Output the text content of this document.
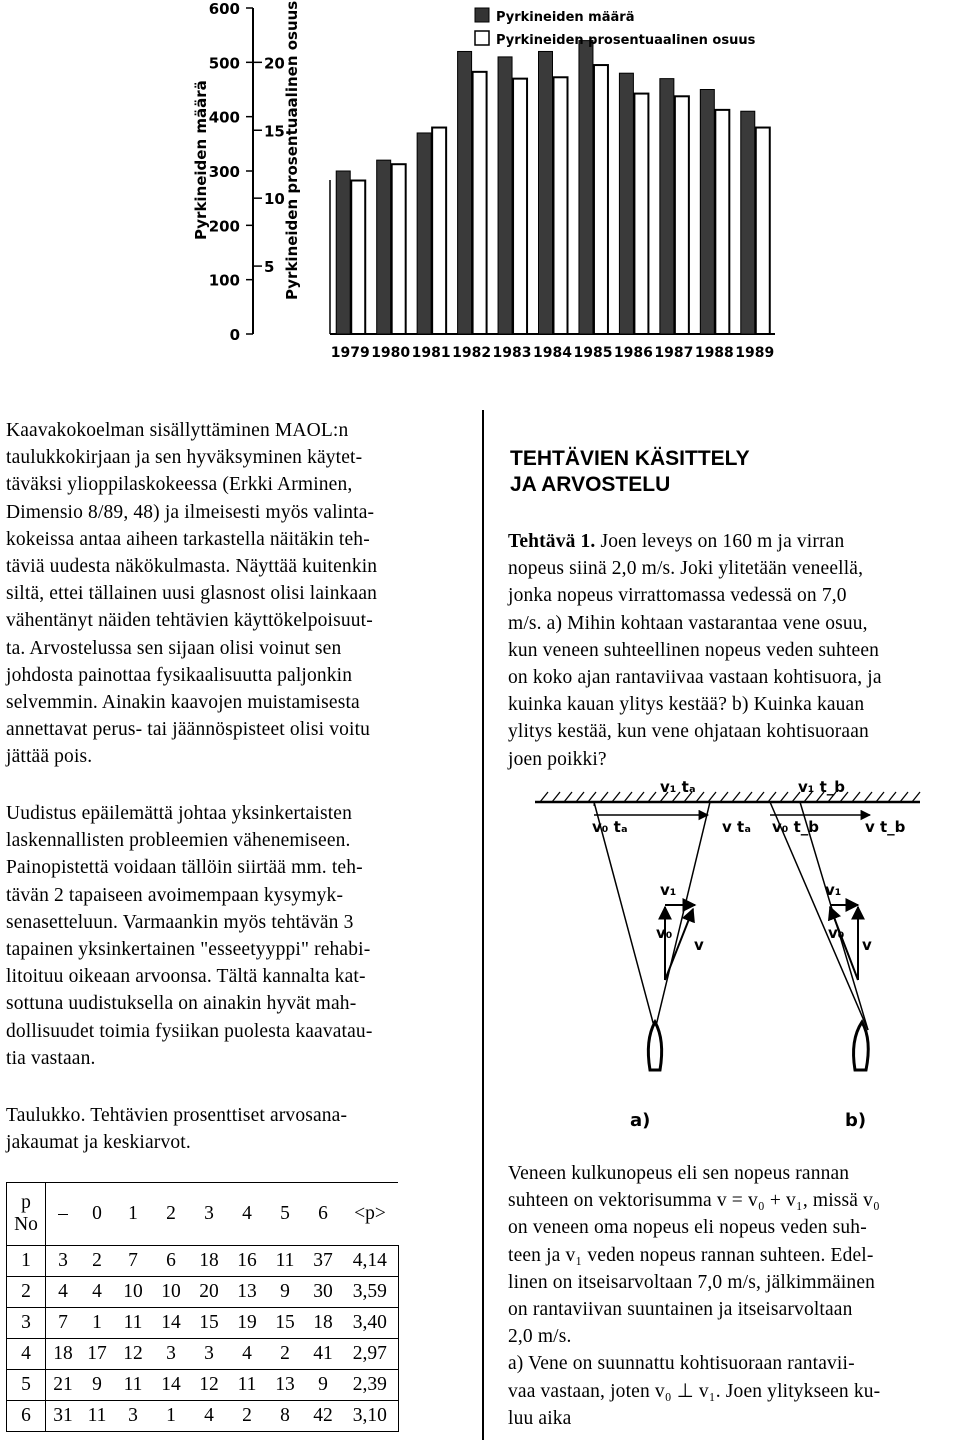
0
100
200
300
400
500
600
5
10
15
20
1979 1980 1981 1982 1983 1984 1985 1986 1987 1988 1989
Pyrkineiden määrä
Pyrkineiden prosentuaalinen osuus
Pyrkineiden määrä	Pyrkineiden prosentuaalinen osuus
Kaavakokoelman sisällyttäminen MAOL:n
taulukkokirjaan ja sen hyväksyminen käytet-
täväksi ylioppilaskokeessa (Erkki Arminen,
Dimensio 8/89, 48) ja ilmeisesti myös valinta-
kokeissa antaa aiheen tarkastella näitäkin teh-
täviä uudesta näkökulmasta. Näyttää kuitenkin
siltä, ettei tällainen uusi glasnost olisi lainkaan
vähentänyt näiden tehtävien käyttökelpoisuut-
ta. Arvostelussa sen sijaan olisi voinut sen
johdosta painottaa fysikaalisuutta paljonkin
selvemmin. Ainakin kaavojen muistamisesta
annettavat perus- tai jäännöspisteet olisi voitu
jättää pois.
Uudistus epäilemättä johtaa yksinkertaisten
laskennallisten probleemien vähenemiseen.
Painopistettä voidaan tällöin siirtää mm. teh-
tävän 2 tapaiseen avoimempaan kysymyk-
senasetteluun. Varmaankin myös tehtävän 3
tapainen yksinkertainen "esseetyyppi" rehabi-
litoituu oikeaan arvoonsa. Tältä kannalta kat-
sottuna uudistuksella on ainakin hyvät mah-
dollisuudet toimia fysiikan puolesta kaavatau-
tia vastaan.
Taulukko. Tehtävien prosenttiset arvosana-
jakaumat ja keskiarvot.
p
No	–	0	1	2	3	4	5	6	<p>
1	3	2	7	6	18	16	11	37	4,14
2	4	4	10	10	20	13	9	30	3,59
3	7	1	11	14	15	19	15	18	3,40
4	18	17	12	3	3	4	2	41	2,97
5	21	9	11	14	12	11	13	9	2,39
6	31	11	3	1	4	2	8	42	3,10
TEHTÄVIEN KÄSITTELY
JA ARVOSTELU
Tehtävä 1. Joen leveys on 160 m ja virran
nopeus siinä 2,0 m/s. Joki ylitetään veneellä,
jonka nopeus virrattomassa vedessä on 7,0
m/s. a) Mihin kohtaan vastarantaa vene osuu,
kun veneen suhteellinen nopeus veden suhteen
on koko ajan rantaviivaa vastaan kohtisuora, ja
kuinka kauan ylitys kestää? b) Kuinka kauan
ylitys kestää, kun vene ohjataan kohtisuoraan
joen poikki?
v₁ tₐ	v₁ t_b
v₀ tₐ	v tₐ v₀ t_b	v t_b
v₁
v₀
v
v₁
v₀
v
a)	b)
Veneen kulkunopeus eli sen nopeus rannan
suhteen on vektorisumma v = v₀ + v₁, missä v₀
on veneen oma nopeus eli nopeus veden suh-
teen ja v₁ veden nopeus rannan suhteen. Edel-
linen on itseisarvoltaan 7,0 m/s, jälkimmäinen
on rantaviivan suuntainen ja itseisarvoltaan
2,0 m/s.
a) Vene on suunnattu kohtisuoraan rantavii-
vaa vastaan, joten v₀ ⊥ v₁. Joen ylitykseen ku-
luu aika
